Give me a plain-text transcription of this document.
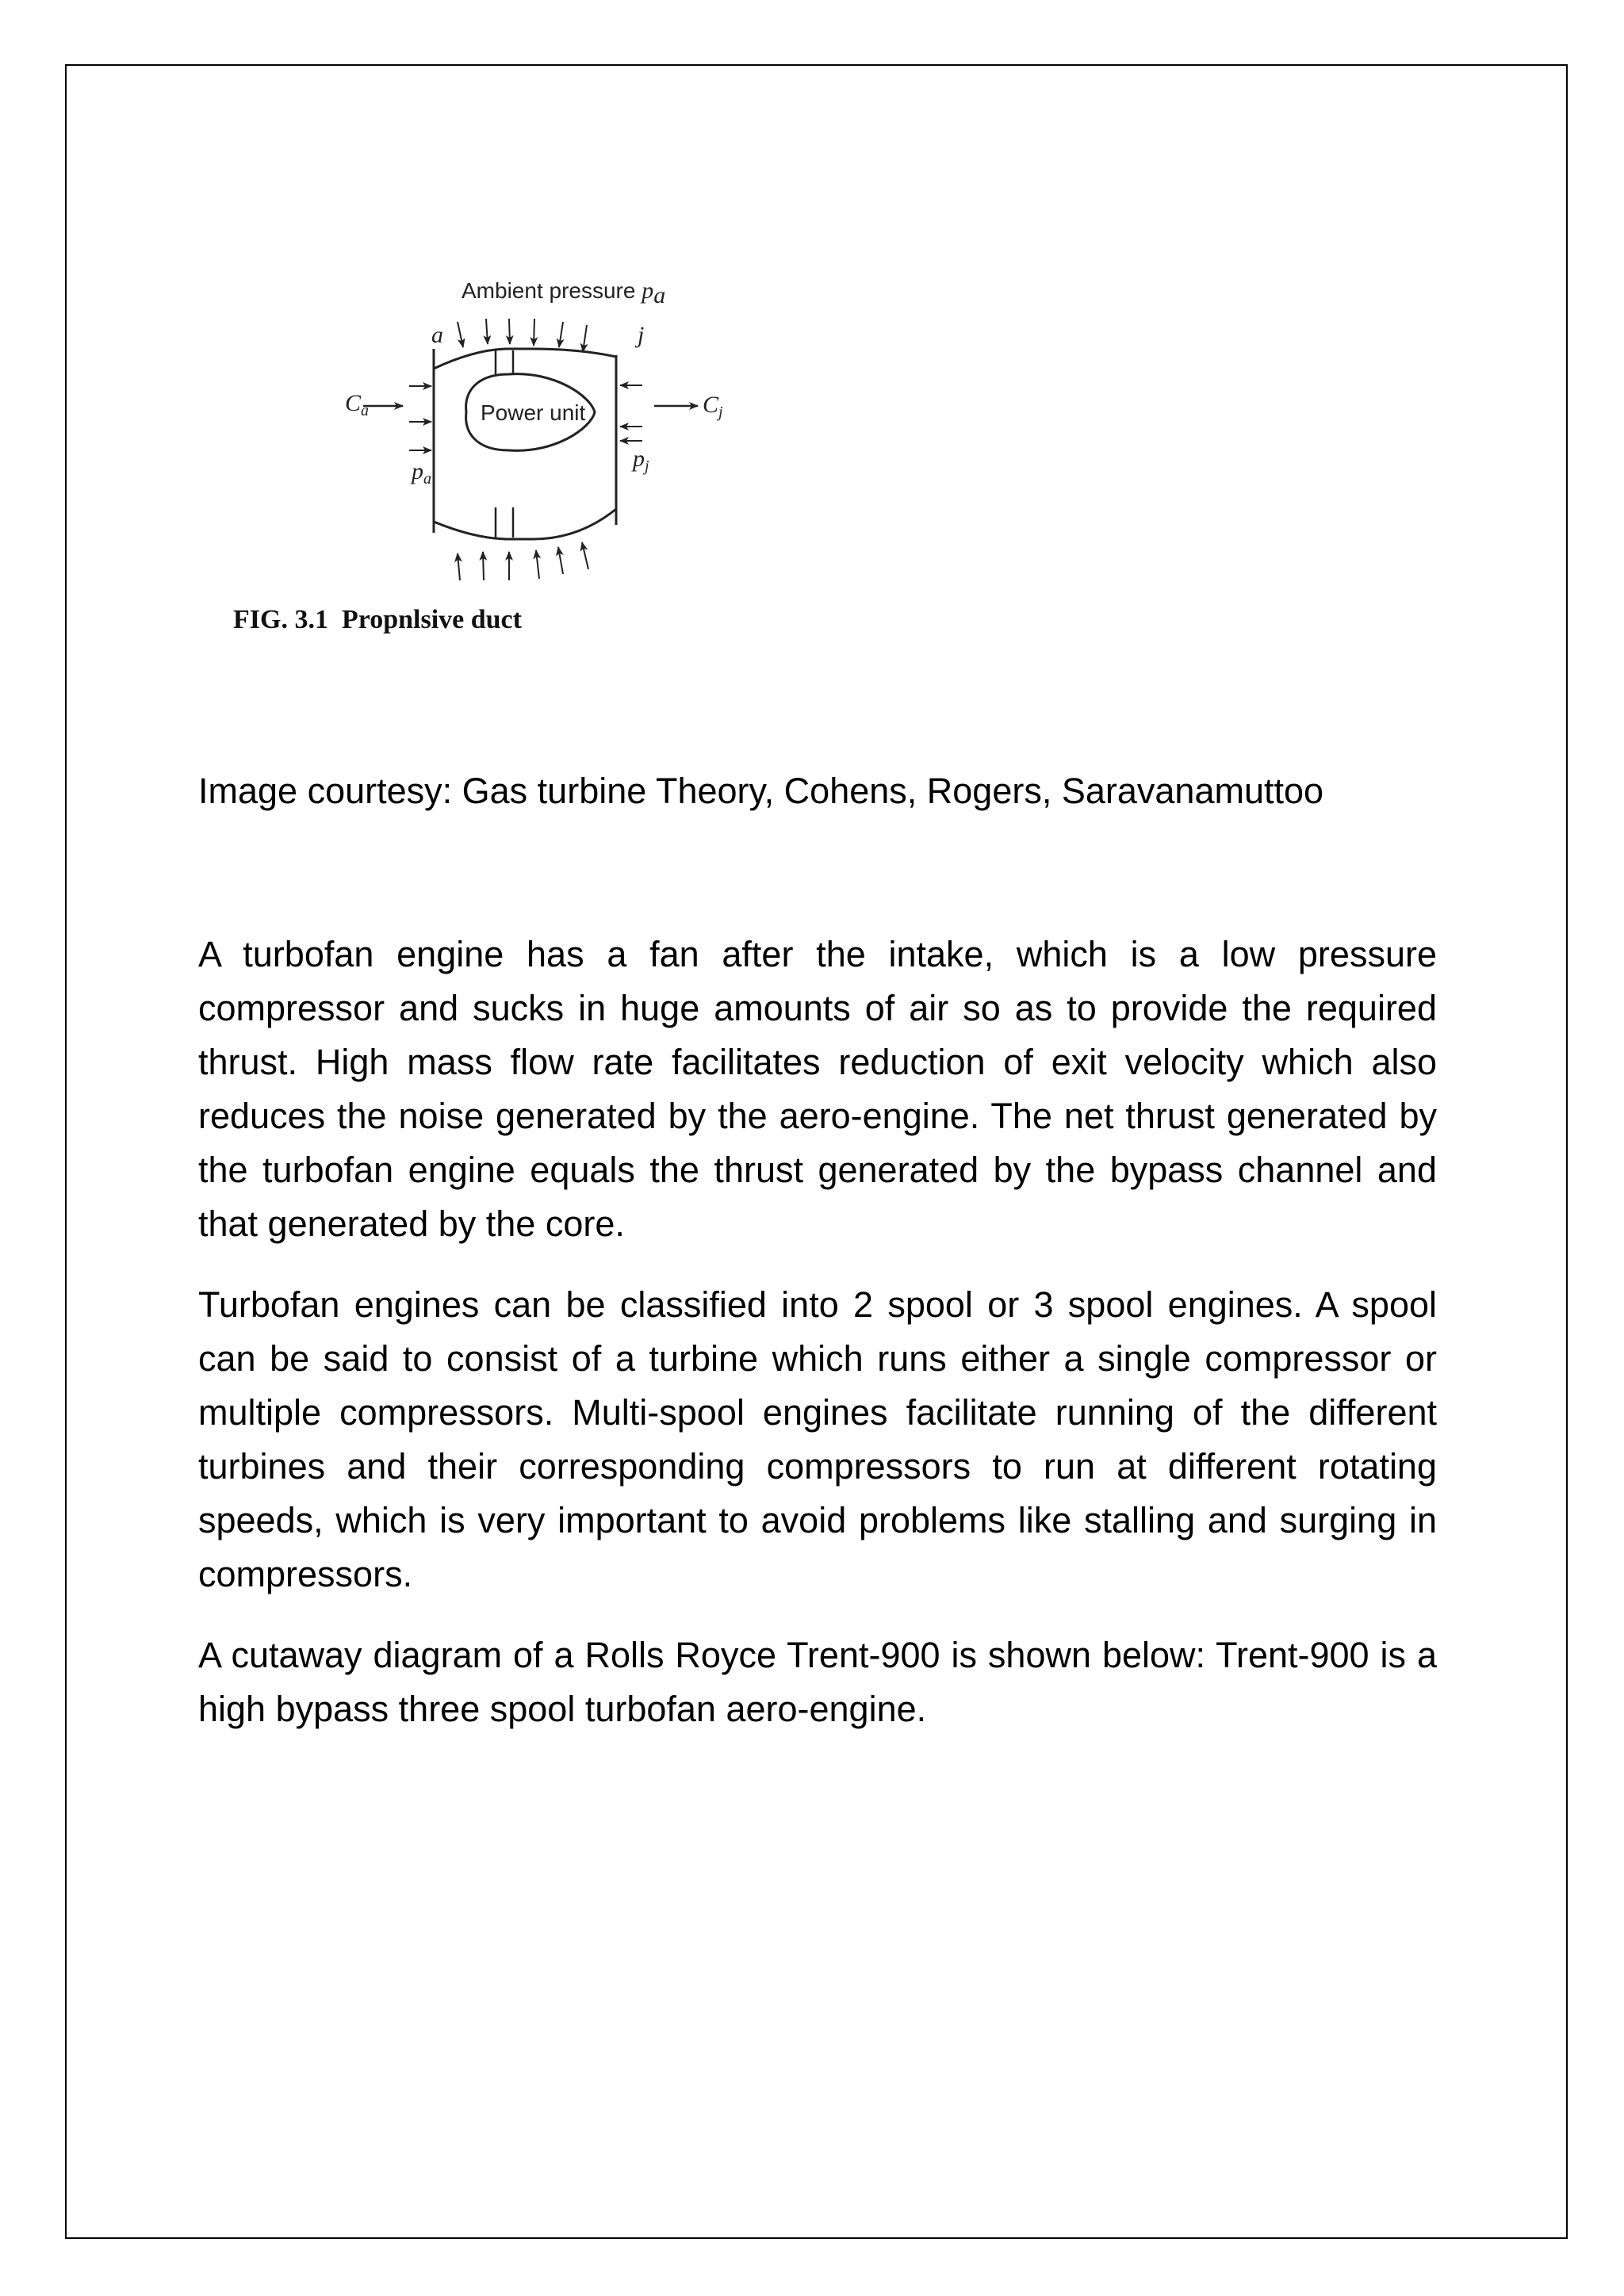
Ambient pressure pa
a	j
Power unit
$C_a$
$p_a$
$p_j$
$C_j$
FIG. 3.1  Propnlsive duct
Image courtesy: Gas turbine Theory, Cohens, Rogers, Saravanamuttoo

A turbofan engine has a fan after the intake, which is a low pressure compressor and sucks in huge amounts of air so as to provide the required thrust. High mass flow rate facilitates reduction of exit velocity which also reduces the noise generated by the aero-engine. The net thrust generated by the turbofan engine equals the thrust generated by the bypass channel and that generated by the core.

Turbofan engines can be classified into 2 spool or 3 spool engines. A spool can be said to consist of a turbine which runs either a single compressor or multiple compressors. Multi-spool engines facilitate running of the different turbines and their corresponding compressors to run at different rotating speeds, which is very important to avoid problems like stalling and surging in compressors.

A cutaway diagram of a Rolls Royce Trent-900 is shown below: Trent-900 is a high bypass three spool turbofan aero-engine.
